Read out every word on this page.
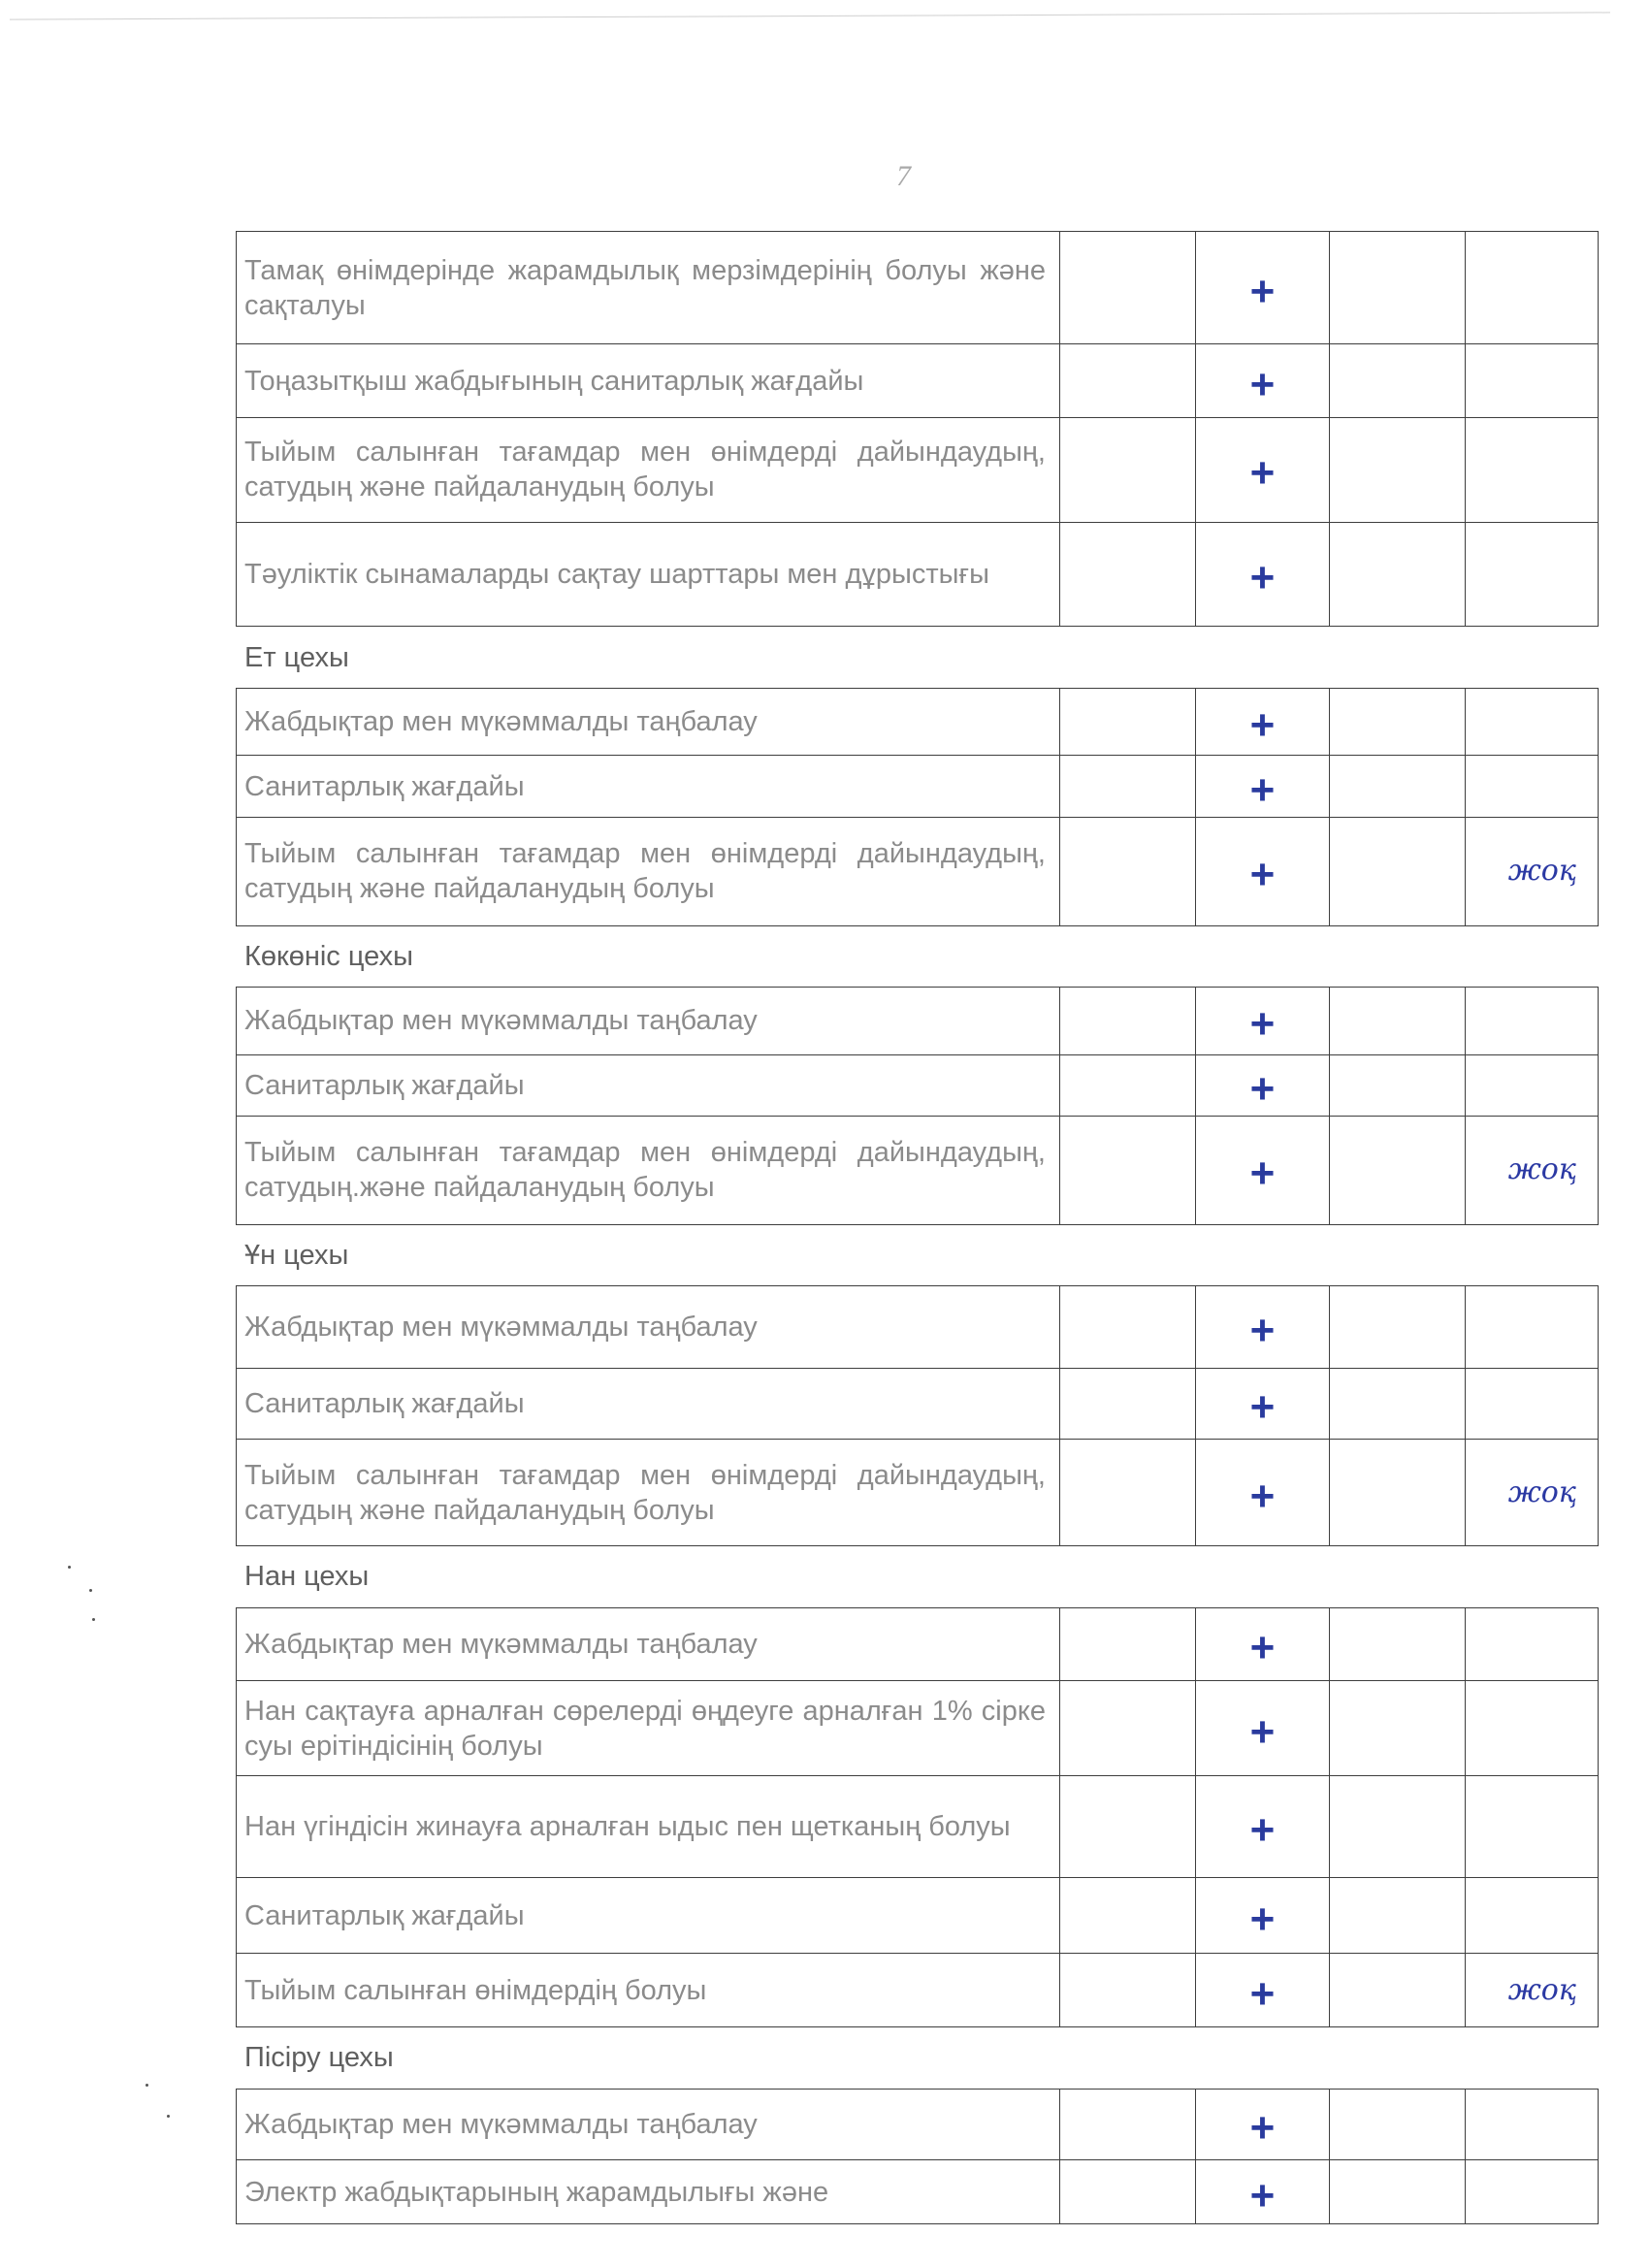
7
Тамақ өнімдерінде жарамдылық мерзімдерінің болуы және сақталуы		+		
Тоңазытқыш жабдығының санитарлық жағдайы		+		
Тыйым салынған тағамдар мен өнімдерді дайындаудың, сатудың және пайдаланудың болуы		+		
Тәуліктік сынамаларды сақтау шарттары мен дұрыстығы		+		
Ет цехы				
Жабдықтар мен мүкәммалды таңбалау		+		
Санитарлық жағдайы		+		
Тыйым салынған тағамдар мен өнімдерді дайындаудың, сатудың және пайдаланудың болуы		+		жоқ
Көкөніс цехы				
Жабдықтар мен мүкәммалды таңбалау		+		
Санитарлық жағдайы		+		
Тыйым салынған тағамдар мен өнімдерді дайындаудың, сатудың.және пайдаланудың болуы		+		жоқ
Ұн цехы				
Жабдықтар мен мүкәммалды таңбалау		+		
Санитарлық жағдайы		+		
Тыйым салынған тағамдар мен өнімдерді дайындаудың, сатудың және пайдаланудың болуы		+		жоқ
Нан цехы				
Жабдықтар мен мүкәммалды таңбалау		+		
Нан сақтауға арналған сөрелерді өңдеуге арналған 1% сірке суы ерітіндісінің болуы		+		
Нан үгіндісін жинауға арналған ыдыс пен щетканың болуы		+		
Санитарлық жағдайы		+		
Тыйым салынған өнімдердің болуы		+		жоқ
Пісіру цехы				
Жабдықтар мен мүкәммалды таңбалау		+		
Электр жабдықтарының жарамдылығы және		+		
